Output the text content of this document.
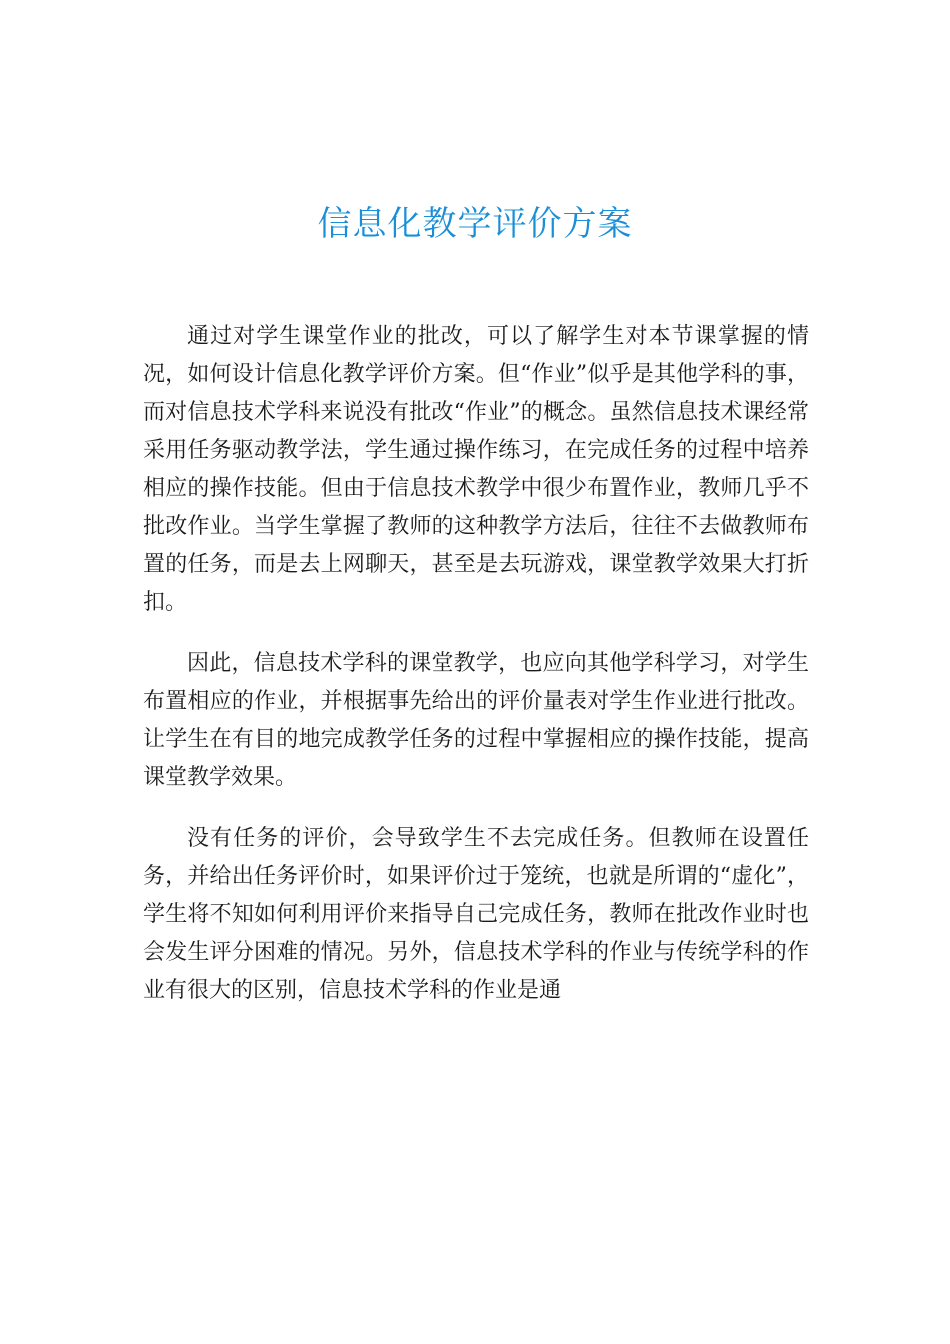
信息化教学评价方案

通过对学生课堂作业的批改，可以了解学生对本节课掌握的情况，如何设计信息化教学评价方案。但“作业”似乎是其他学科的事，而对信息技术学科来说没有批改“作业”的概念。虽然信息技术课经常采用任务驱动教学法，学生通过操作练习，在完成任务的过程中培养相应的操作技能。但由于信息技术教学中很少布置作业，教师几乎不批改作业。当学生掌握了教师的这种教学方法后，往往不去做教师布置的任务，而是去上网聊天，甚至是去玩游戏，课堂教学效果大打折扣。

因此，信息技术学科的课堂教学，也应向其他学科学习，对学生布置相应的作业，并根据事先给出的评价量表对学生作业进行批改。让学生在有目的地完成教学任务的过程中掌握相应的操作技能，提高课堂教学效果。

没有任务的评价，会导致学生不去完成任务。但教师在设置任务，并给出任务评价时，如果评价过于笼统，也就是所谓的“虚化”，学生将不知如何利用评价来指导自己完成任务，教师在批改作业时也会发生评分困难的情况。另外，信息技术学科的作业与传统学科的作业有很大的区别，信息技术学科的作业是通
